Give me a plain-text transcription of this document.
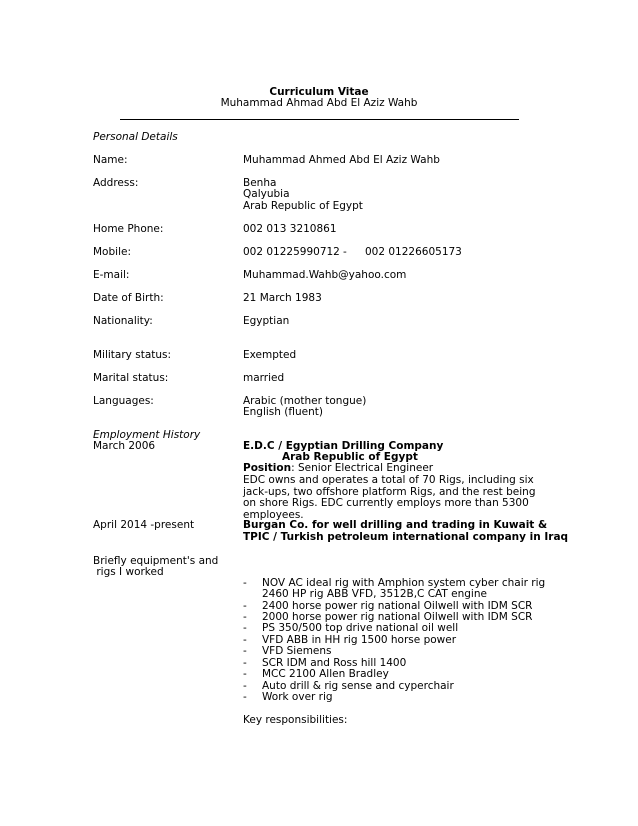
Curriculum Vitae
Muhammad Ahmad Abd El Aziz Wahb
Personal Details
Name:	Muhammad Ahmed Abd El Aziz Wahb
Address:	Benha
Qalyubia
Arab Republic of Egypt
Home Phone:	002 013 3210861
Mobile:	002 01225990712 - 002 01226605173
E-mail:	Muhammad.Wahb@yahoo.com
Date of Birth:	21 March 1983
Nationality:	Egyptian
Military status:	Exempted
Marital status:	married
Languages:	Arabic (mother tongue)
English (fluent)
Employment History
March 2006	E.D.C / Egyptian Drilling Company
Arab Republic of Egypt
Position: Senior Electrical Engineer
EDC owns and operates a total of 70 Rigs, including six jack-ups, two offshore platform Rigs, and the rest being on shore Rigs. EDC currently employs more than 5300 employees.
April 2014 -present	Burgan Co. for well drilling and trading in Kuwait &
TPIC / Turkish petroleum international company in Iraq
Briefly equipment's and
rigs I worked
- NOV AC ideal rig with Amphion system cyber chair rig
2460 HP rig ABB VFD, 3512B,C CAT engine
- 2400 horse power rig national Oilwell with IDM SCR
- 2000 horse power rig national Oilwell with IDM SCR
- PS 350/500 top drive national oil well
- VFD ABB in HH rig 1500 horse power
- VFD Siemens
- SCR IDM and Ross hill 1400
- MCC 2100 Allen Bradley
- Auto drill & rig sense and cyperchair
- Work over rig
Key responsibilities:
